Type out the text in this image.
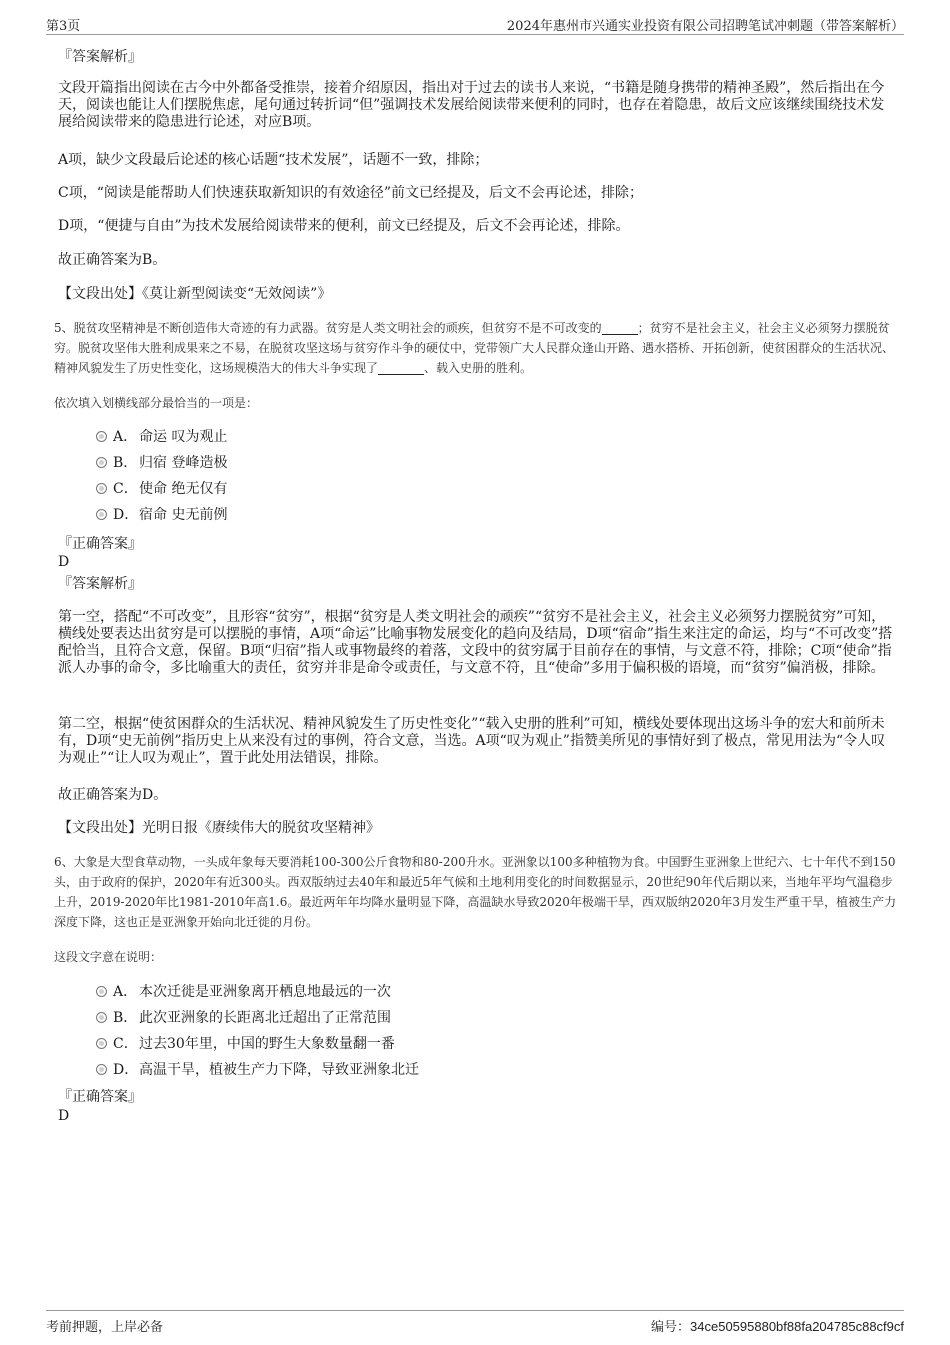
第3页	2024年惠州市兴通实业投资有限公司招聘笔试冲刺题（带答案解析）
『答案解析』
文段开篇指出阅读在古今中外都备受推崇，接着介绍原因，指出对于过去的读书人来说，“书籍是随身携带的精神圣殿”，然后指出在今天，阅读也能让人们摆脱焦虑，尾句通过转折词“但”强调技术发展给阅读带来便利的同时，也存在着隐患，故后文应该继续围绕技术发展给阅读带来的隐患进行论述，对应B项。
A项，缺少文段最后论述的核心话题“技术发展”，话题不一致，排除；
C项，“阅读是能帮助人们快速获取新知识的有效途径”前文已经提及，后文不会再论述，排除；
D项，“便捷与自由”为技术发展给阅读带来的便利，前文已经提及，后文不会再论述，排除。
故正确答案为B。
【文段出处】《莫让新型阅读变“无效阅读”》
5、脱贫攻坚精神是不断创造伟大奇迹的有力武器。贫穷是人类文明社会的顽疾，但贫穷不是不可改变的	；贫穷不是社会主义，社会主义必须努力摆脱贫穷。脱贫攻坚伟大胜利成果来之不易，在脱贫攻坚这场与贫穷作斗争的硬仗中，党带领广大人民群众逢山开路、遇水搭桥、开拓创新，使贫困群众的生活状况、精神风貌发生了历史性变化，这场规模浩大的伟大斗争实现了	、载入史册的胜利。
依次填入划横线部分最恰当的一项是：
A． 命运 叹为观止
B． 归宿 登峰造极
C．使命 绝无仅有
D．宿命 史无前例
『正确答案』
D
『答案解析』
第一空，搭配“不可改变”，且形容“贫穷”，根据“贫穷是人类文明社会的顽疾”“贫穷不是社会主义，社会主义必须努力摆脱贫穷”可知，横线处要表达出贫穷是可以摆脱的事情，A项“命运”比喻事物发展变化的趋向及结局，D项“宿命”指生来注定的命运，均与“不可改变”搭配恰当，且符合文意，保留。B项“归宿”指人或事物最终的着落，文段中的贫穷属于目前存在的事情，与文意不符，排除；C项“使命”指派人办事的命令，多比喻重大的责任，贫穷并非是命令或责任，与文意不符，且“使命”多用于偏积极的语境，而“贫穷”偏消极，排除。
第二空，根据“使贫困群众的生活状况、精神风貌发生了历史性变化”“载入史册的胜利”可知，横线处要体现出这场斗争的宏大和前所未有，D项“史无前例”指历史上从来没有过的事例，符合文意，当选。A项“叹为观止”指赞美所见的事情好到了极点，常见用法为“令人叹为观止”“让人叹为观止”，置于此处用法错误，排除。
故正确答案为D。
【文段出处】光明日报《赓续伟大的脱贫攻坚精神》
6、大象是大型食草动物，一头成年象每天要消耗100-300公斤食物和80-200升水。亚洲象以100多种植物为食。中国野生亚洲象上世纪六、七十年代不到150头，由于政府的保护，2020年有近300头。西双版纳过去40年和最近5年气候和土地利用变化的时间数据显示，20世纪90年代后期以来，当地年平均气温稳步上升，2019-2020年比1981-2010年高1.6。最近两年年均降水量明显下降，高温缺水导致2020年极端干旱，西双版纳2020年3月发生严重干旱，植被生产力深度下降，这也正是亚洲象开始向北迁徙的月份。
这段文字意在说明：
A． 本次迁徙是亚洲象离开栖息地最远的一次
B． 此次亚洲象的长距离北迁超出了正常范围
C．过去30年里，中国的野生大象数量翻一番
D．高温干旱，植被生产力下降，导致亚洲象北迁
『正确答案』
D
考前押题，上岸必备	编号：34ce50595880bf88fa204785c88cf9cf
